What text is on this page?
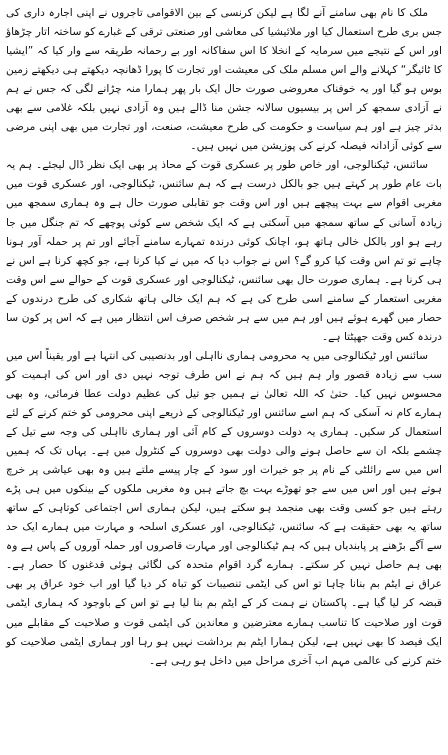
ملک کا نام بھی سامنے آنے لگا ہے لیکن کرنسی کے بین الاقوامی تاجروں نے اپنی اجارہ داری کی جس بری طرح استعمال کیا اور ملائیشیا کی معاشی اور صنعتی ترقی کے غبارے کو ساختہ اتار چڑھاؤ اور اس کے نتیجے میں سرمایہ کے انخلا کا اس سفاکانہ اور بے رحمانہ طریقہ سے وار کیا کہ ”ایشیا کا ٹائیگر“ کہلانے والے اس مسلم ملک کی معیشت اور تجارت کا پورا ڈھانچہ دیکھتے ہی دیکھتے زمین بوس ہو گیا اور یہ خوفناک معروضی صورت حال ایک بار پھر ہمارا منہ چڑانے لگی کہ جس نے ہم نے آزادی سمجھ کر اس پر بیسیوں سالانہ جشن منا ڈالے ہیں وہ آزادی نہیں بلکہ غلامی سے بھی بدتر چیز ہے اور ہم سیاست و حکومت کی طرح معیشت، صنعت، اور تجارت میں بھی اپنی مرضی سے کوئی آزادانہ فیصلہ کرنے کی پوزیشن میں نہیں ہیں۔

سائنس، ٹیکنالوجی، اور خاص طور پر عسکری قوت کے محاذ پر بھی ایک نظر ڈال لیجئے۔ ہم یہ بات عام طور پر کہتے ہیں جو بالکل درست ہے کہ ہم سائنس، ٹیکنالوجی، اور عسکری قوت میں مغربی اقوام سے بہت پیچھے ہیں اور اس وقت جو تقابلی صورت حال ہے وہ ہماری سمجھ میں زیادہ آسانی کے ساتھ سمجھ میں آسکتی ہے کہ ایک شخص سے کوئی پوچھے کہ تم جنگل میں جا رہے ہو اور بالکل خالی ہاتھ ہو، اچانک کوئی درندہ تمہارے سامنے آجائے اور تم پر حملہ آور ہونا چاہے تو تم اس وقت کیا کرو گے؟ اس نے جواب دیا کہ میں نے کیا کرنا ہے، جو کچھ کرنا ہے اس نے ہی کرنا ہے۔ ہماری صورت حال بھی سائنس، ٹیکنالوجی اور عسکری قوت کے حوالے سے اس وقت مغربی استعمار کے سامنے اسی طرح کی ہے کہ ہم ایک خالی ہاتھ شکاری کی طرح درندوں کے حصار میں گھرے ہوئے ہیں اور ہم میں سے ہر شخص صرف اس انتظار میں ہے کہ اس پر کون سا درندہ کس وقت جھپٹتا ہے۔

سائنس اور ٹیکنالوجی میں یہ محرومی ہماری نااہلی اور بدنصیبی کی انتہا ہے اور یقیناً اس میں سب سے زیادہ قصور وار ہم ہیں کہ ہم نے اس طرف توجہ نہیں دی اور اس کی اہمیت کو محسوس نہیں کیا۔ حتیٰ کہ اللہ تعالیٰ نے ہمیں جو تیل کی عظیم دولت عطا فرمائی، وہ بھی ہمارے کام نہ آسکی کہ ہم اسے سائنس اور ٹیکنالوجی کے ذریعے اپنی محرومی کو ختم کرنے کے لئے استعمال کر سکیں۔ ہماری یہ دولت دوسروں کے کام آئی اور ہماری نااہلی کی وجہ سے تیل کے چشمے بلکہ ان سے حاصل ہونے والی دولت بھی دوسروں کے کنٹرول میں ہے۔ یہاں تک کہ ہمیں اس میں سے رائلٹی کے نام پر جو خیرات اور سود کے چار پیسے ملتے ہیں وہ بھی عیاشی پر خرچ ہوتے ہیں اور اس میں سے جو تھوڑے بہت بچ جاتے ہیں وہ مغربی ملکوں کے بینکوں میں ہی پڑے رہتے ہیں جو کسی وقت بھی منجمد ہو سکتے ہیں، لیکن ہماری اس اجتماعی کوتاہی کے ساتھ ساتھ یہ بھی حقیقت ہے کہ سائنس، ٹیکنالوجی، اور عسکری اسلحہ و مہارت میں ہمارے ایک حد سے آگے بڑھنے پر پابندیاں ہیں کہ ہم ٹیکنالوجی اور مہارت قاصروں اور حملہ آوروں کے پاس ہے وہ بھی ہم حاصل نہیں کر سکتے۔ ہمارے گرد اقوام متحدہ کی لگائی ہوئی قدغنوں کا حصار ہے۔ عراق نے ایٹم بم بنانا چاہا تو اس کی ایٹمی تنصیبات کو تباہ کر دیا گیا اور اب خود عراق پر بھی قبضہ کر لیا گیا ہے۔ پاکستان نے ہمت کر کے ایٹم بم بنا لیا ہے تو اس کے باوجود کہ ہماری ایٹمی قوت اور صلاحیت کا تناسب ہمارے معترضین و معاندین کی ایٹمی قوت و صلاحیت کے مقابلے میں ایک فیصد کا بھی نہیں ہے، لیکن ہمارا ایٹم بم برداشت نہیں ہو رہا اور ہماری ایٹمی صلاحیت کو ختم کرنے کی عالمی مہم اب آخری مراحل میں داخل ہو رہی ہے۔
